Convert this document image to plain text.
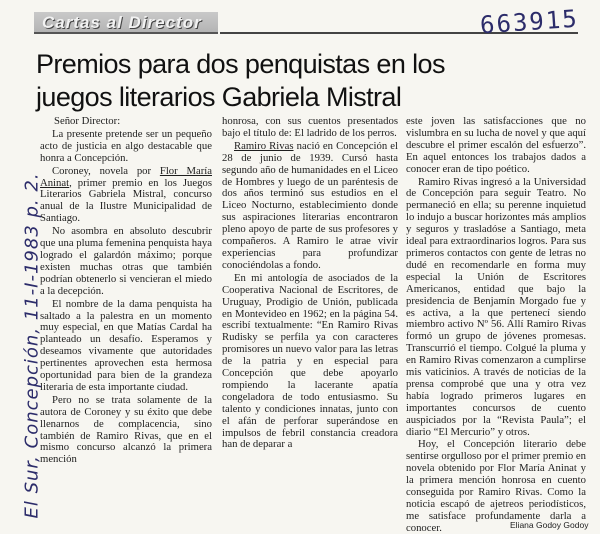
Cartas al Director	663915
Premios para dos penquistas en los
juegos literarios Gabriela Mistral
El Sur, Concepción, 11-I-1983 p. 2.

Señor Director:

La presente pretende ser un pequeño acto de justicia en algo destacable que honra a Concepción.

Coroney, novela por Flor María Aninat, primer premio en los Juegos Literarios Gabriela Mistral, concurso anual de la Ilustre Municipalidad de Santiago.

No asombra en absoluto descubrir que una pluma femenina penquista haya logrado el galardón máximo; porque existen muchas otras que también podrían obtenerlo si vencieran el miedo a la decepción.

El nombre de la dama penquista ha saltado a la palestra en un momento muy especial, en que Matías Cardal ha planteado un desafío. Esperamos y deseamos vivamente que autoridades pertinentes aprovechen esta hermosa oportunidad para bien de la grandeza literaria de esta importante ciudad.

Pero no se trata solamente de la autora de Coroney y su éxito que debe llenarnos de complacencia, sino también de Ramiro Rivas, que en el mismo concurso alcanzó la primera mención

honrosa, con sus cuentos presentados bajo el título de: El ladrido de los perros.

Ramiro Rivas nació en Concepción el 28 de junio de 1939. Cursó hasta segundo año de humanidades en el Liceo de Hombres y luego de un paréntesis de dos años terminó sus estudios en el Liceo Nocturno, establecimiento donde sus aspiraciones literarias encontraron pleno apoyo de parte de sus profesores y compañeros. A Ramiro le atrae vivir experiencias para profundizar conociéndolas a fondo.

En mi antología de asociados de la Cooperativa Nacional de Escritores, de Uruguay, Prodigio de Unión, publicada en Montevideo en 1962; en la página 54. escribí textualmente: “En Ramiro Rivas Rudisky se perfila ya con caracteres promisores un nuevo valor para las letras de la patria y en especial para Concepción que debe apoyarlo rompiendo la lacerante apatía congeladora de todo entusiasmo. Su talento y condiciones innatas, junto con el afán de perforar superándose en impulsos de febril constancia creadora han de deparar a

este joven las satisfacciones que no vislumbra en su lucha de novel y que aquí descubre el primer escalón del esfuerzo”. En aquel entonces los trabajos dados a conocer eran de tipo poético.

Ramiro Rivas ingresó a la Universidad de Concepción para seguir Teatro. No permaneció en ella; su perenne inquietud lo indujo a buscar horizontes más amplios y seguros y trasladóse a Santiago, meta ideal para extraordinarios logros. Para sus primeros contactos con gente de letras no dudé en recomendarle en forma muy especial la Unión de Escritores Americanos, entidad que bajo la presidencia de Benjamín Morgado fue y es activa, a la que pertenecí siendo miembro activo Nº 56. Allí Ramiro Rivas formó un grupo de jóvenes promesas. Transcurrió el tiempo. Colgué la pluma y en Ramiro Rivas comenzaron a cumplirse mis vaticinios. A través de noticias de la prensa comprobé que una y otra vez había logrado primeros lugares en importantes concursos de cuento auspiciados por la “Revista Paula”; el diario “El Mercurio” y otros.

Hoy, el Concepción literario debe sentirse orgulloso por el primer premio en novela obtenido por Flor María Aninat y la primera mención honrosa en cuento conseguida por Ramiro Rivas. Como la noticia escapó de ajetreos periodísticos, me satisface profundamente darla a conocer.	Eliana Godoy Godoy
